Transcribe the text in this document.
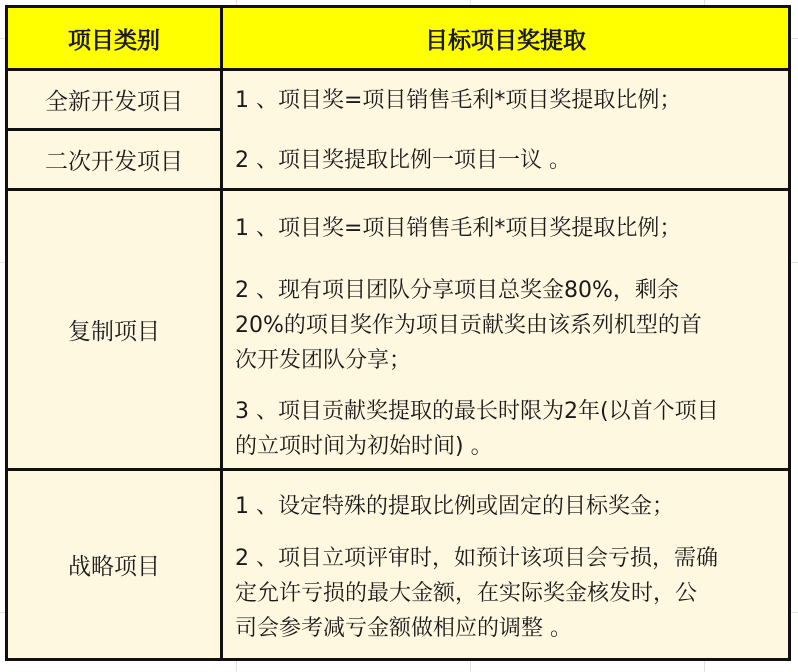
项目类别	目标项目奖提取
全新开发项目
二次开发项目
复制项目
战略项目
1 、项目奖=项目销售毛利*项目奖提取比例；
2 、项目奖提取比例一项目一议 。
1 、项目奖=项目销售毛利*项目奖提取比例；
2 、现有项目团队分享项目总奖金80%，剩余
20%的项目奖作为项目贡献奖由该系列机型的首
次开发团队分享；
3 、项目贡献奖提取的最长时限为2年(以首个项目
的立项时间为初始时间) 。
1 、设定特殊的提取比例或固定的目标奖金；
2 、项目立项评审时，如预计该项目会亏损，需确
定允许亏损的最大金额，在实际奖金核发时，公
司会参考减亏金额做相应的调整 。
